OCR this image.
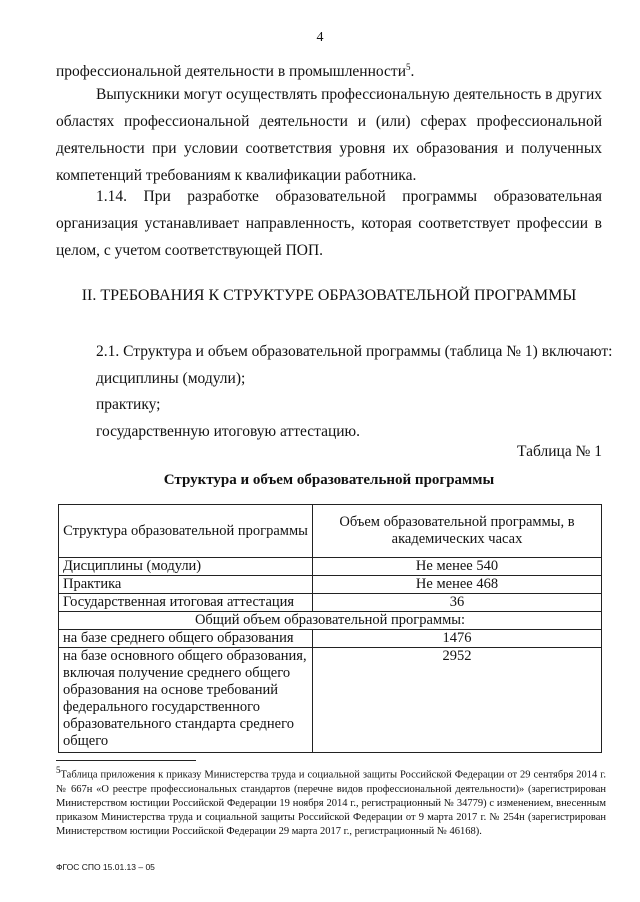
4
профессиональной деятельности в промышленности$^5$.
Выпускники могут осуществлять профессиональную деятельность в других областях профессиональной деятельности и (или) сферах профессиональной деятельности при условии соответствия уровня их образования и полученных компетенций требованиям к квалификации работника.
1.14. При разработке образовательной программы образовательная организация устанавливает направленность, которая соответствует профессии в целом, с учетом соответствующей ПОП.
II. ТРЕБОВАНИЯ К СТРУКТУРЕ ОБРАЗОВАТЕЛЬНОЙ ПРОГРАММЫ
2.1. Структура и объем образовательной программы (таблица № 1) включают:
дисциплины (модули);
практику;
государственную итоговую аттестацию.
Таблица № 1
Структура и объем образовательной программы
Структура образовательной программы	Объем образовательной программы, в академических часах
Дисциплины (модули)	Не менее 540
Практика	Не менее 468
Государственная итоговая аттестация	36
Общий объем образовательной программы:	
на базе среднего общего образования	1476
на базе основного общего образования, включая получение среднего общего образования на основе требований федерального государственного образовательного стандарта среднего общего	2952
$^5$Таблица приложения к приказу Министерства труда и социальной защиты Российской Федерации от 29 сентября 2014 г. № 667н «О реестре профессиональных стандартов (перечне видов профессиональной деятельности)» (зарегистрирован Министерством юстиции Российской Федерации 19 ноября 2014 г., регистрационный № 34779) с изменением, внесенным приказом Министерства труда и социальной защиты Российской Федерации от 9 марта 2017 г. № 254н (зарегистрирован Министерством юстиции Российской Федерации 29 марта 2017 г., регистрационный № 46168).
ФГОС СПО 15.01.13 – 05
